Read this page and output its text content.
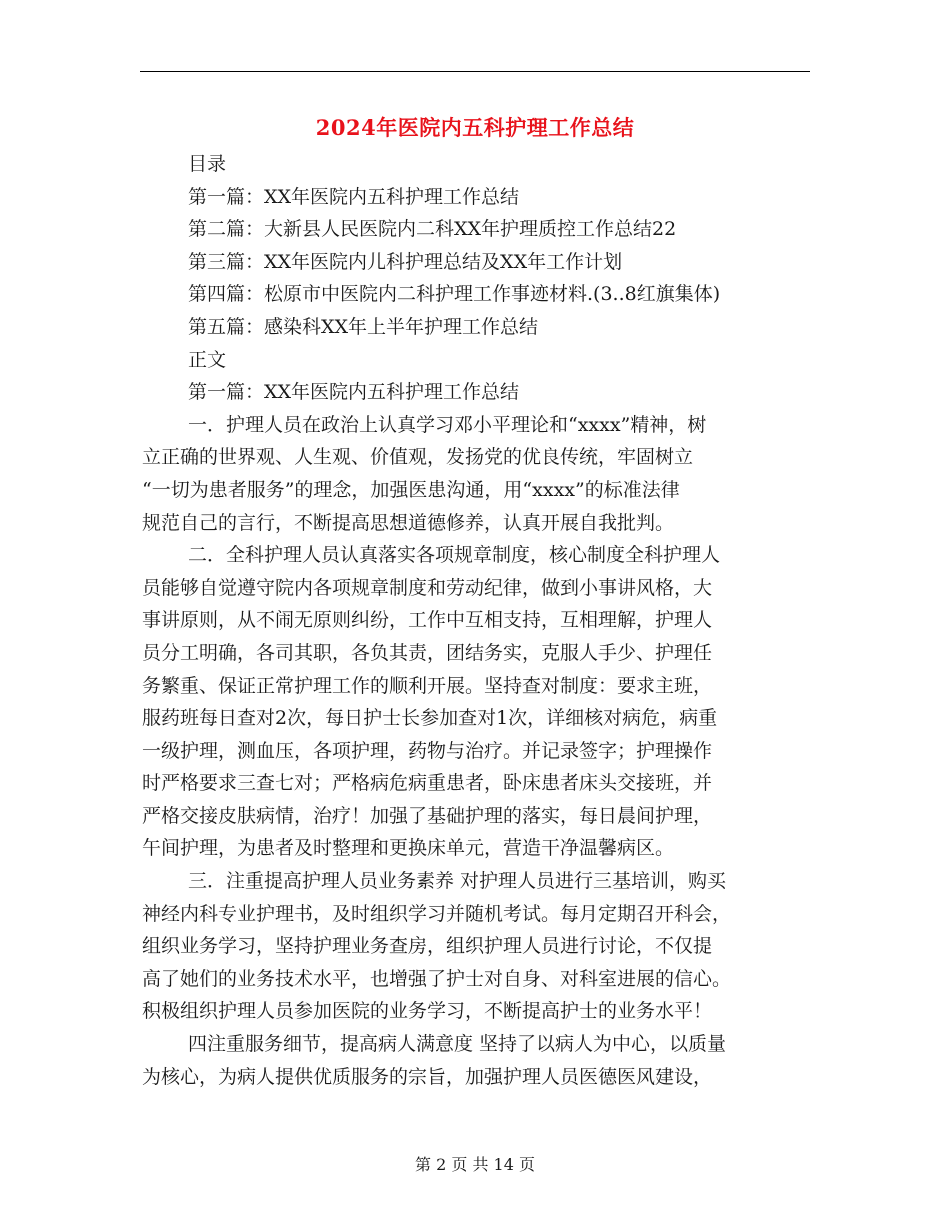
2024年医院内五科护理工作总结
目录
第一篇：XX年医院内五科护理工作总结
第二篇：大新县人民医院内二科XX年护理质控工作总结22
第三篇：XX年医院内儿科护理总结及XX年工作计划
第四篇：松原市中医院内二科护理工作事迹材料.(3..8红旗集体)
第五篇：感染科XX年上半年护理工作总结
正文
第一篇：XX年医院内五科护理工作总结
一．护理人员在政治上认真学习邓小平理论和“xxxx”精神，树
立正确的世界观、人生观、价值观，发扬党的优良传统，牢固树立
“一切为患者服务”的理念，加强医患沟通，用“xxxx”的标准法律
规范自己的言行，不断提高思想道德修养，认真开展自我批判。
二．全科护理人员认真落实各项规章制度，核心制度全科护理人
员能够自觉遵守院内各项规章制度和劳动纪律，做到小事讲风格，大
事讲原则，从不闹无原则纠纷，工作中互相支持，互相理解，护理人
员分工明确，各司其职，各负其责，团结务实，克服人手少、护理任
务繁重、保证正常护理工作的顺利开展。坚持查对制度：要求主班，
服药班每日查对2次，每日护士长参加查对1次，详细核对病危，病重
一级护理，测血压，各项护理，药物与治疗。并记录签字；护理操作
时严格要求三查七对；严格病危病重患者，卧床患者床头交接班，并
严格交接皮肤病情，治疗！加强了基础护理的落实，每日晨间护理，
午间护理，为患者及时整理和更换床单元，营造干净温馨病区。
三．注重提高护理人员业务素养 对护理人员进行三基培训，购买
神经内科专业护理书，及时组织学习并随机考试。每月定期召开科会，
组织业务学习，坚持护理业务查房，组织护理人员进行讨论，不仅提
高了她们的业务技术水平，也增强了护士对自身、对科室进展的信心。
积极组织护理人员参加医院的业务学习，不断提高护士的业务水平！
四注重服务细节，提高病人满意度 坚持了以病人为中心，以质量
为核心，为病人提供优质服务的宗旨，加强护理人员医德医风建设，
第 2 页 共 14 页
